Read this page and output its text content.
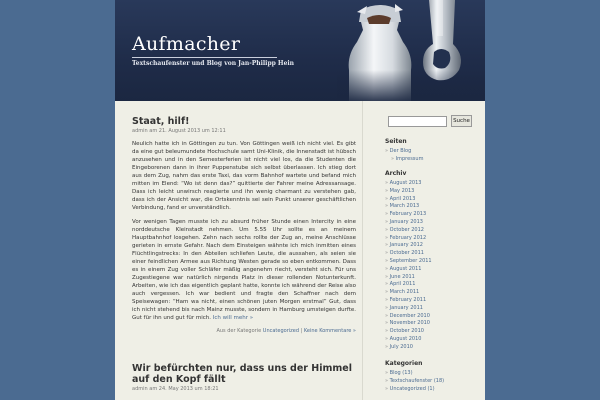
Aufmacher
Textschaufenster und Blog von Jan-Philipp Hein
Staat, hilf!
admin am 21. August 2013 um 12:11

Neulich hatte ich in Göttingen zu tun. Von Göttingen weiß ich nicht viel. Es gibt da eine gut beleumundete Hochschule samt Uni-Klinik, die Innenstadt ist hübsch anzusehen und in den Semesterferien ist nicht viel los, da die Studenten die Eingeborenen dann in ihrer Puppenstube sich selbst überlassen. Ich stieg dort aus dem Zug, nahm das erste Taxi, das vorm Bahnhof wartete und befand mich mitten im Elend: “Wo ist denn das?” quittierte der Fahrer meine Adressansage. Dass ich leicht unwirsch reagierte und ihn wenig charmant zu verstehen gab, dass ich der Ansicht war, die Ortskenntnis sei sein Punkt unserer geschäftlichen Verbindung, fand er unverständlich.

Vor wenigen Tagen musste ich zu absurd früher Stunde einen Intercity in eine norddeutsche Kleinstadt nehmen. Um 5.55 Uhr sollte es an meinem Hauptbahnhof losgehen. Zehn nach sechs rollte der Zug an, meine Anschlüsse gerieten in ernste Gefahr. Nach dem Einsteigen wähnte ich mich inmitten eines Flüchtlingstrecks: In den Abteilen schliefen Leute, die aussahen, als seien sie einer feindlichen Armee aus Richtung Westen gerade so eben entkommen. Dass es in einem Zug voller Schläfer mäßig angenehm riecht, versteht sich. Für uns Zugestiegene war natürlich nirgends Platz in dieser rollenden Notunterkunft. Arbeiten, wie ich das eigentlich geplant hatte, konnte ich während der Reise also auch vergessen. Ich war bedient und fragte den Schaffner nach dem Speisewagen: “Ham wa nicht, einen schönen juten Morgen erstmal” Gut, dass ich nicht stehend bis nach Mainz musste, sondern in Hamburg umsteigen durfte. Gut für ihn und gut für mich. Ich will mehr »

Aus der Kategorie Uncategorized | Keine Kommentare »
Wir befürchten nur, dass uns der Himmel auf den Kopf fällt
admin am 24. May 2013 um 18:21
Suche
Seiten
» Der Blog
» Impressum
Archiv
» August 2013
» May 2013
» April 2013
» March 2013
» February 2013
» January 2013
» October 2012
» February 2012
» January 2012
» October 2011
» September 2011
» August 2011
» June 2011
» April 2011
» March 2011
» February 2011
» January 2011
» December 2010
» November 2010
» October 2010
» August 2010
» July 2010
Kategorien
» Blog (13)
» Textschaufenster (18)
» Uncategorized (1)
